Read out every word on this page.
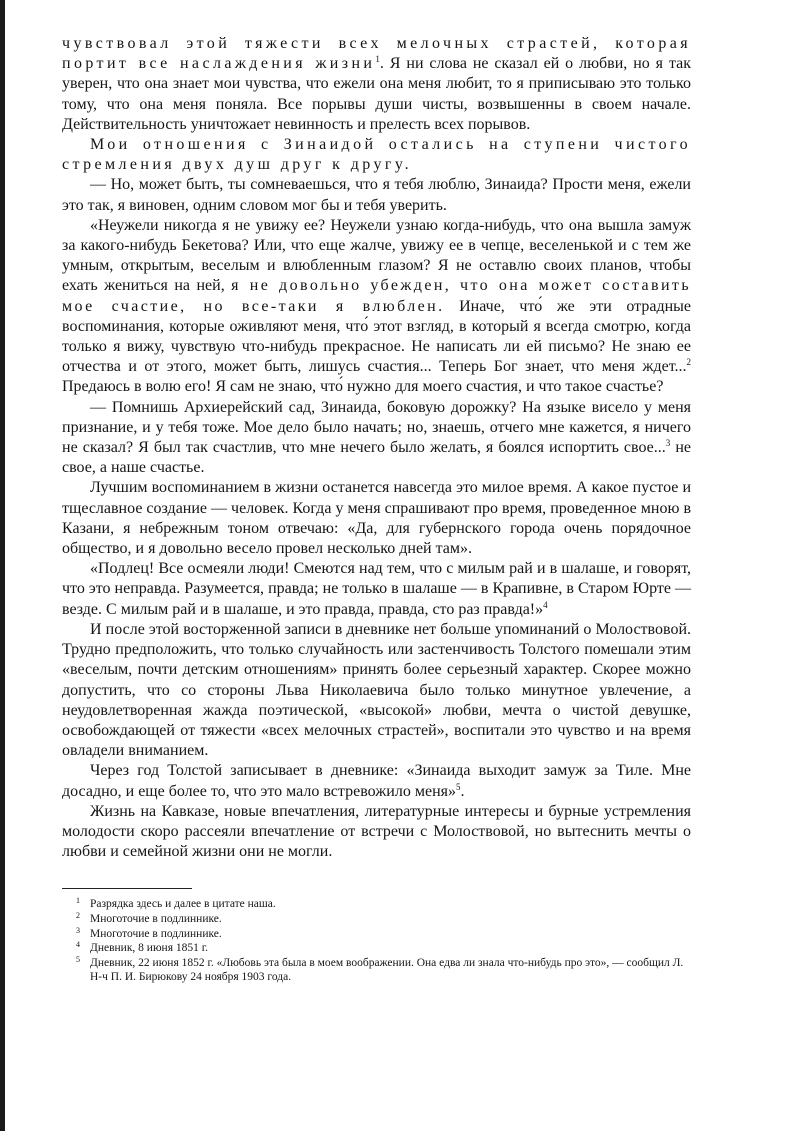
чувствовал этой тяжести всех мелочных страстей, которая портит все наслаждения жизни$^1$. Я ни слова не сказал ей о любви, но я так уверен, что она знает мои чувства, что ежели она меня любит, то я приписываю это только тому, что она меня поняла. Все порывы души чисты, возвышенны в своем начале. Действительность уничтожает невинность и прелесть всех порывов.

Мои отношения с Зинаидой остались на ступени чистого стремления двух душ друг к другу.

— Но, может быть, ты сомневаешься, что я тебя люблю, Зинаида? Прости меня, ежели это так, я виновен, одним словом мог бы и тебя уверить.

«Неужели никогда я не увижу ее? Неужели узнаю когда-нибудь, что она вышла замуж за какого-нибудь Бекетова? Или, что еще жалче, увижу ее в чепце, веселенькой и с тем же умным, открытым, веселым и влюбленным глазом? Я не оставлю своих планов, чтобы ехать жениться на ней, я не довольно убежден, что она может составить мое счастие, но все-таки я влюблен. Иначе, что́ же эти отрадные воспоминания, которые оживляют меня, что́ этот взгляд, в который я всегда смотрю, когда только я вижу, чувствую что-нибудь прекрасное. Не написать ли ей письмо? Не знаю ее отчества и от этого, может быть, лишусь счастия... Теперь Бог знает, что меня ждет...$^2$ Предаюсь в волю его! Я сам не знаю, что́ нужно для моего счастия, и что такое счастье?

— Помнишь Архиерейский сад, Зинаида, боковую дорожку? На языке висело у меня признание, и у тебя тоже. Мое дело было начать; но, знаешь, отчего мне кажется, я ничего не сказал? Я был так счастлив, что мне нечего было желать, я боялся испортить свое...$^3$ не свое, а наше счастье.

Лучшим воспоминанием в жизни останется навсегда это милое время. А какое пустое и тщеславное создание — человек. Когда у меня спрашивают про время, проведенное мною в Казани, я небрежным тоном отвечаю: «Да, для губернского города очень порядочное общество, и я довольно весело провел несколько дней там».

«Подлец! Все осмеяли люди! Смеются над тем, что с милым рай и в шалаше, и говорят, что это неправда. Разумеется, правда; не только в шалаше — в Крапивне, в Старом Юрте — везде. С милым рай и в шалаше, и это правда, правда, сто раз правда!»$^4$

И после этой восторженной записи в дневнике нет больше упоминаний о Молоствовой. Трудно предположить, что только случайность или застенчивость Толстого помешали этим «веселым, почти детским отношениям» принять более серьезный характер. Скорее можно допустить, что со стороны Льва Николаевича было только минутное увлечение, а неудовлетворенная жажда поэтической, «высокой» любви, мечта о чистой девушке, освобождающей от тяжести «всех мелочных страстей», воспитали это чувство и на время овладели вниманием.

Через год Толстой записывает в дневнике: «Зинаида выходит замуж за Тиле. Мне досадно, и еще более то, что это мало встревожило меня»$^5$.

Жизнь на Кавказе, новые впечатления, литературные интересы и бурные устремления молодости скоро рассеяли впечатление от встречи с Молоствовой, но вытеснить мечты о любви и семейной жизни они не могли.

1 Разрядка здесь и далее в цитате наша.

2 Многоточие в подлиннике.

3 Многоточие в подлиннике.

4 Дневник, 8 июня 1851 г.

5 Дневник, 22 июня 1852 г. «Любовь эта была в моем воображении. Она едва ли знала что-нибудь про это», — сообщил Л. Н-ч П. И. Бирюкову 24 ноября 1903 года.
